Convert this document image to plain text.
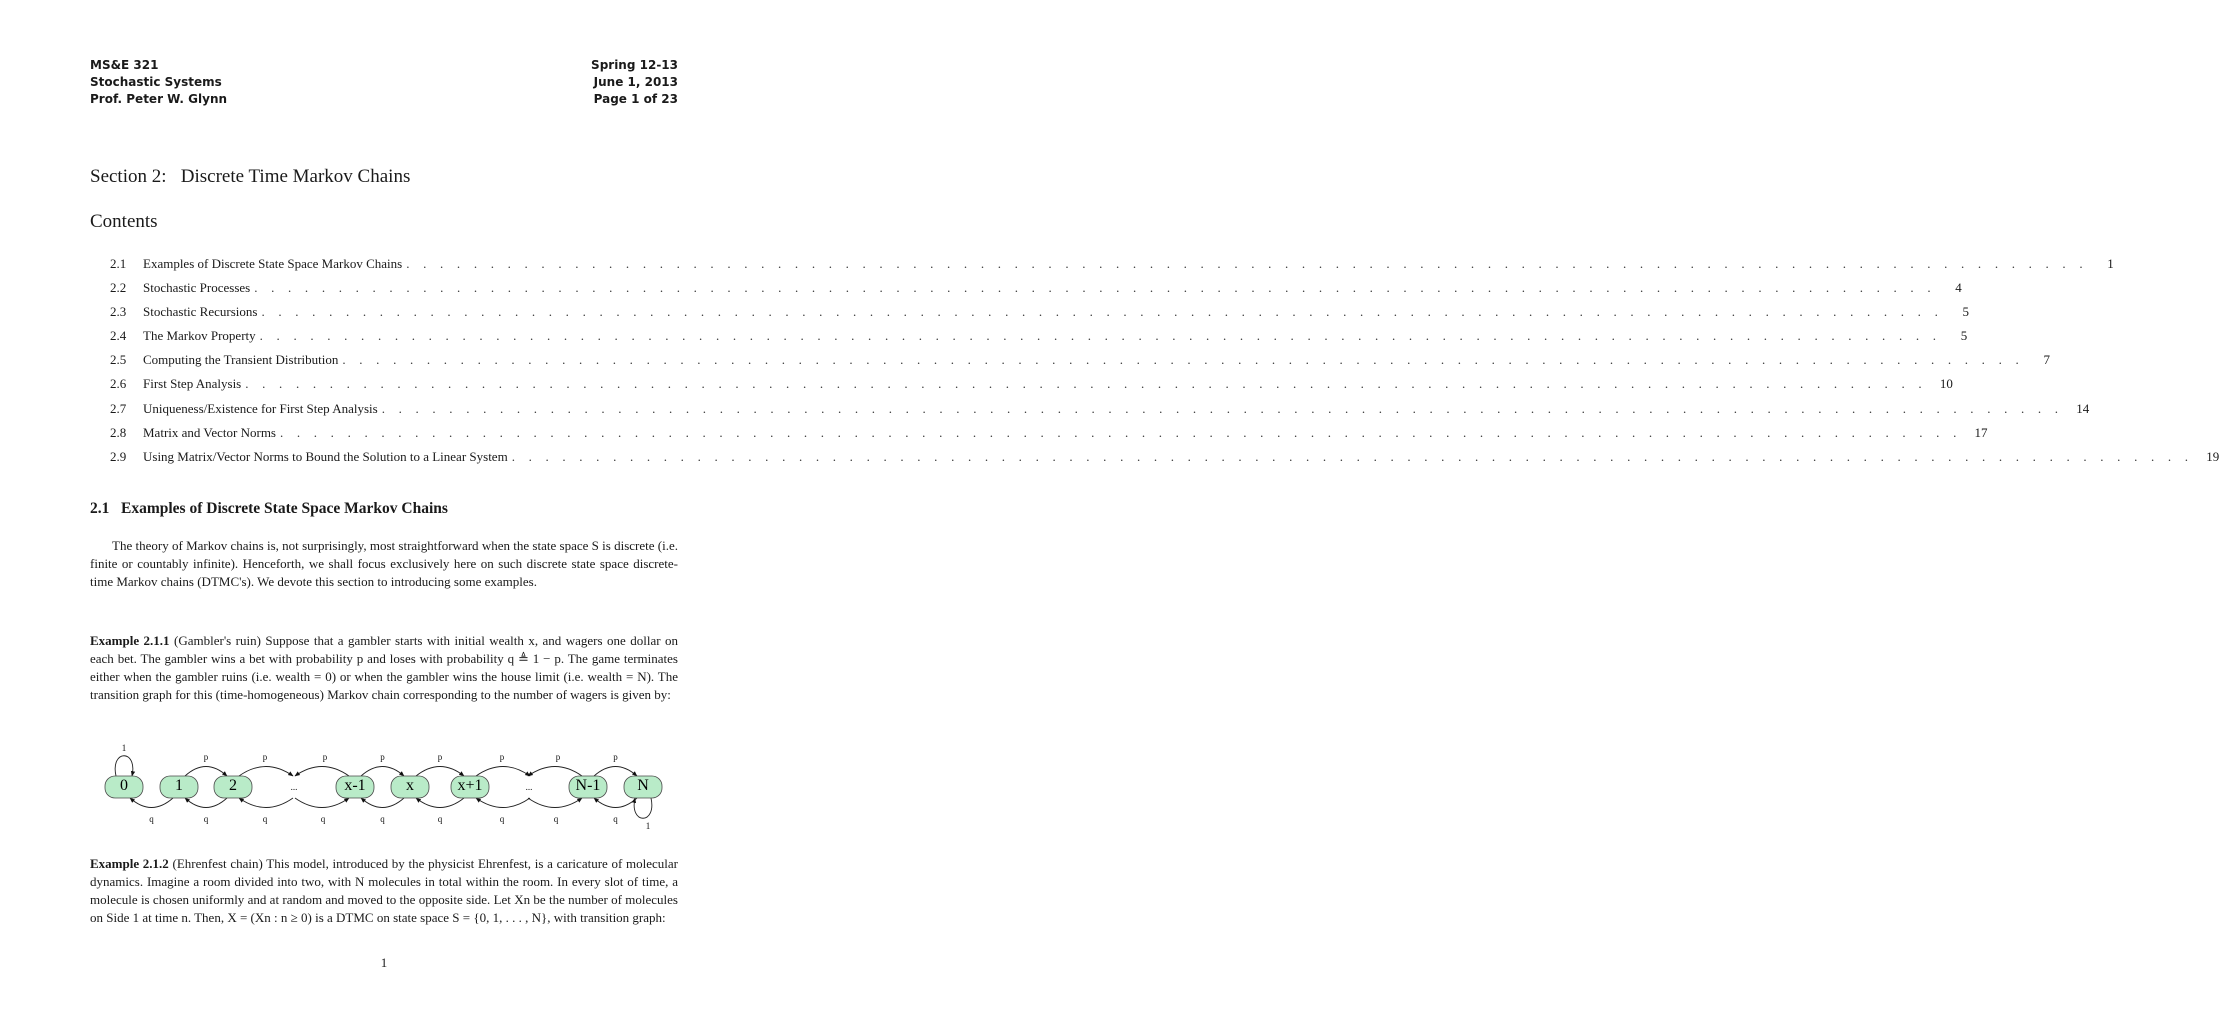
MS&E 321
Stochastic Systems
Prof. Peter W. Glynn
Spring 12-13
June 1, 2013
Page 1 of 23
Section 2:   Discrete Time Markov Chains
Contents
2.1	Examples of Discrete State Space Markov Chains . . . . . . . . . . . . . . . . . . . . . . . . . . . . . . . . . . . . . . . . . . . . . . . . . . . . . . . . . . . . . . . . . . . . . . . . . . . . . . . . . . . . . . . . . . . . . . . . . . . .	1
2.2	Stochastic Processes . . . . . . . . . . . . . . . . . . . . . . . . . . . . . . . . . . . . . . . . . . . . . . . . . . . . . . . . . . . . . . . . . . . . . . . . . . . . . . . . . . . . . . . . . . . . . . . . . . . .	4
2.3	Stochastic Recursions . . . . . . . . . . . . . . . . . . . . . . . . . . . . . . . . . . . . . . . . . . . . . . . . . . . . . . . . . . . . . . . . . . . . . . . . . . . . . . . . . . . . . . . . . . . . . . . . . . . .	5
2.4	The Markov Property . . . . . . . . . . . . . . . . . . . . . . . . . . . . . . . . . . . . . . . . . . . . . . . . . . . . . . . . . . . . . . . . . . . . . . . . . . . . . . . . . . . . . . . . . . . . . . . . . . . .	5
2.5	Computing the Transient Distribution . . . . . . . . . . . . . . . . . . . . . . . . . . . . . . . . . . . . . . . . . . . . . . . . . . . . . . . . . . . . . . . . . . . . . . . . . . . . . . . . . . . . . . . . . . . . . . . . . . . .	7
2.6	First Step Analysis . . . . . . . . . . . . . . . . . . . . . . . . . . . . . . . . . . . . . . . . . . . . . . . . . . . . . . . . . . . . . . . . . . . . . . . . . . . . . . . . . . . . . . . . . . . . . . . . . . . .	10
2.7	Uniqueness/Existence for First Step Analysis . . . . . . . . . . . . . . . . . . . . . . . . . . . . . . . . . . . . . . . . . . . . . . . . . . . . . . . . . . . . . . . . . . . . . . . . . . . . . . . . . . . . . . . . . . . . . . . . . . . .	14
2.8	Matrix and Vector Norms . . . . . . . . . . . . . . . . . . . . . . . . . . . . . . . . . . . . . . . . . . . . . . . . . . . . . . . . . . . . . . . . . . . . . . . . . . . . . . . . . . . . . . . . . . . . . . . . . . . .	17
2.9	Using Matrix/Vector Norms to Bound the Solution to a Linear System . . . . . . . . . . . . . . . . . . . . . . . . . . . . . . . . . . . . . . . . . . . . . . . . . . . . . . . . . . . . . . . . . . . . . . . . . . . . . . . . . . . . . . . . . . . . . . . . . . . .	19
2.1   Examples of Discrete State Space Markov Chains

The theory of Markov chains is, not surprisingly, most straightforward when the state space S is discrete (i.e. finite or countably infinite). Henceforth, we shall focus exclusively here on such discrete state space discrete-time Markov chains (DTMC's). We devote this section to introducing some examples.

Example 2.1.1 (Gambler's ruin) Suppose that a gambler starts with initial wealth x, and wagers one dollar on each bet. The gambler wins a bet with probability p and loses with probability q ≜ 1 − p. The game terminates either when the gambler ruins (i.e. wealth = 0) or when the gambler wins the house limit (i.e. wealth = N). The transition graph for this (time-homogeneous) Markov chain corresponding to the number of wagers is given by:

0	1	2	x-1	x	x+1	N-1 N
p	p	p	p
q	q	q	q
q
p	p
q	q
p	p
q	q
1
1
...	...

Example 2.1.2 (Ehrenfest chain) This model, introduced by the physicist Ehrenfest, is a caricature of molecular dynamics. Imagine a room divided into two, with N molecules in total within the room. In every slot of time, a molecule is chosen uniformly and at random and moved to the opposite side. Let Xn be the number of molecules on Side 1 at time n. Then, X = (Xn : n ≥ 0) is a DTMC on state space S = {0, 1, . . . , N}, with transition graph:

1
